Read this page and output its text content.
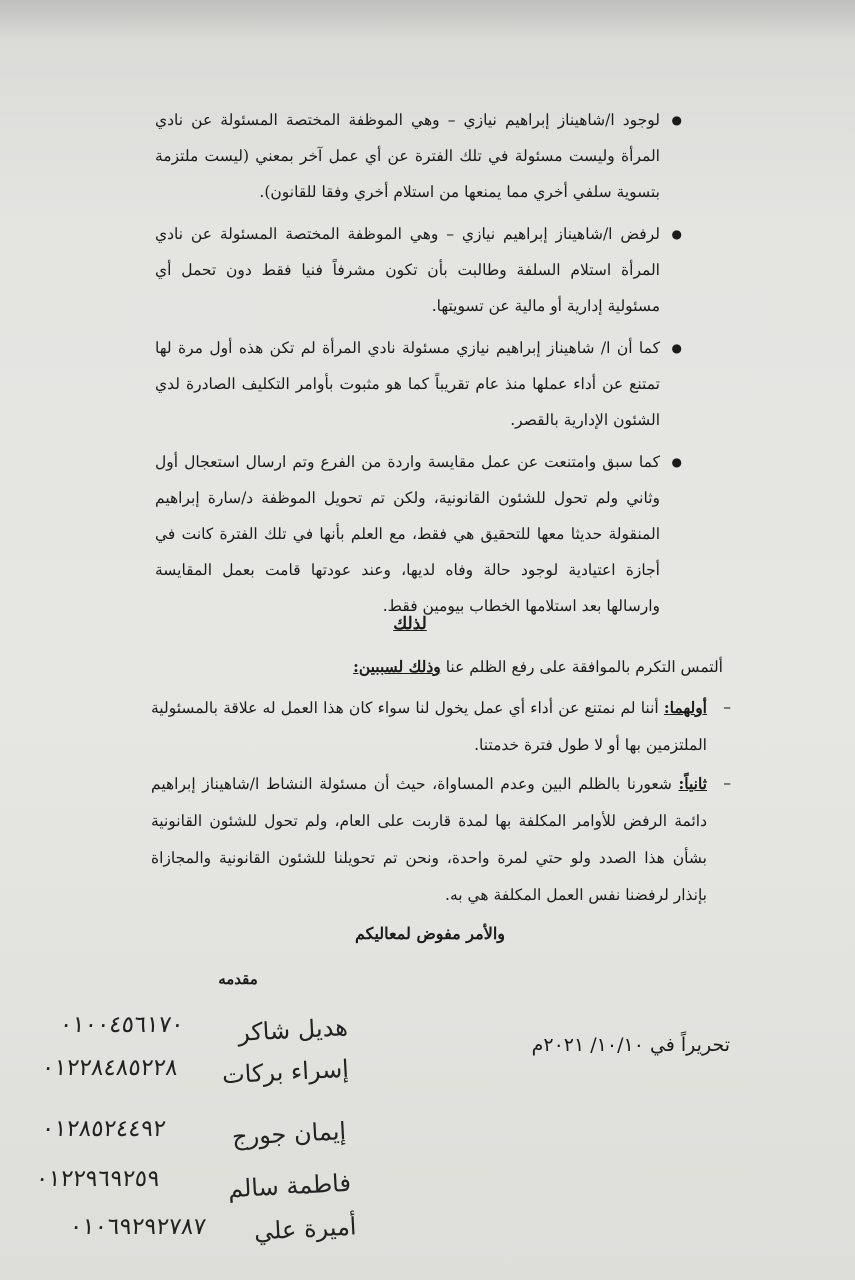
●
لوجود ا/شاهيناز إبراهيم نيازي – وهي الموظفة المختصة المسئولة عن نادي المرأة وليست مسئولة في تلك الفترة عن أي عمل آخر بمعني (ليست ملتزمة بتسوية سلفي أخري مما يمنعها من استلام أخري وفقا للقانون).
●
لرفض ا/شاهيناز إبراهيم نيازي – وهي الموظفة المختصة المسئولة عن نادي المرأة استلام السلفة وطالبت بأن تكون مشرفاً فنيا فقط دون تحمل أي مسئولية إدارية أو مالية عن تسويتها.
●
كما أن ا/ شاهيناز إبراهيم نيازي مسئولة نادي المرأة لم تكن هذه أول مرة لها تمتنع عن أداء عملها منذ عام تقريباً كما هو مثبوت بأوامر التكليف الصادرة لدي الشئون الإدارية بالقصر.
●
كما سبق وامتنعت عن عمل مقايسة واردة من الفرع وتم ارسال استعجال أول وثاني ولم تحول للشئون القانونية، ولكن تم تحويل الموظفة د/سارة إبراهيم المنقولة حديثا معها للتحقيق هي فقط، مع العلم بأنها في تلك الفترة كانت في أجازة اعتيادية لوجود حالة وفاه لديها، وعند عودتها قامت بعمل المقايسة وارسالها بعد استلامها الخطاب بيومين فقط.
لذلك
ألتمس التكرم بالموافقة على رفع الظلم عنا وذلك لسببين:
–
أولهما: أننا لم نمتنع عن أداء أي عمل يخول لنا سواء كان هذا العمل له علاقة بالمسئولية الملتزمين بها أو لا طول فترة خدمتنا.
–
ثانياً: شعورنا بالظلم البين وعدم المساواة، حيث أن مسئولة النشاط ا/شاهيناز إبراهيم دائمة الرفض للأوامر المكلفة بها لمدة قاربت على العام، ولم تحول للشئون القانونية بشأن هذا الصدد ولو حتي لمرة واحدة، ونحن تم تحويلنا للشئون القانونية والمجازاة بإنذار لرفضنا نفس العمل المكلفة هي به.
والأمر مفوض لمعاليكم
مقدمه
تحريراً في ١٠/١٠/ ٢٠٢١م
هديل شاكر
٠١٠٠٤٥٦١٧٠
إسراء بركات
٠١٢٢٨٤٨٥٢٢٨
إيمان جورج
٠١٢٨٥٢٤٤٩٢
فاطمة سالم
٠١٢٢٩٦٩٢٥٩
أميرة علي
٠١٠٦٩٢٩٢٧٨٧
